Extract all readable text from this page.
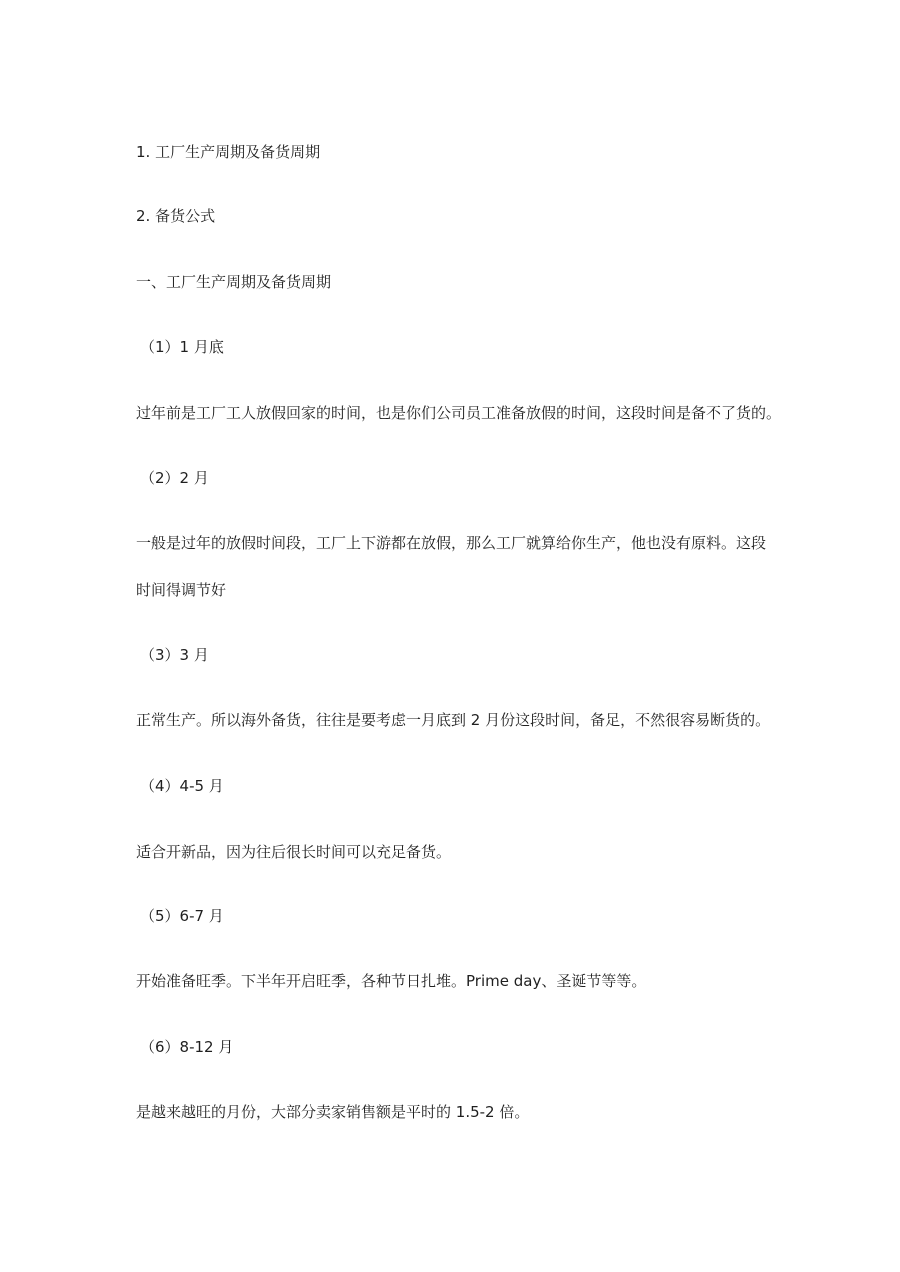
1. 工厂生产周期及备货周期
2. 备货公式
一、工厂生产周期及备货周期
（1）1 月底
过年前是工厂工人放假回家的时间，也是你们公司员工准备放假的时间，这段时间是备不了货的。
（2）2 月
一般是过年的放假时间段，工厂上下游都在放假，那么工厂就算给你生产，他也没有原料。这段
时间得调节好
（3）3 月
正常生产。所以海外备货，往往是要考虑一月底到 2 月份这段时间，备足，不然很容易断货的。
（4）4-5 月
适合开新品，因为往后很长时间可以充足备货。
（5）6-7 月
开始准备旺季。下半年开启旺季，各种节日扎堆。Prime day、圣诞节等等。
（6）8-12 月
是越来越旺的月份，大部分卖家销售额是平时的 1.5-2 倍。
